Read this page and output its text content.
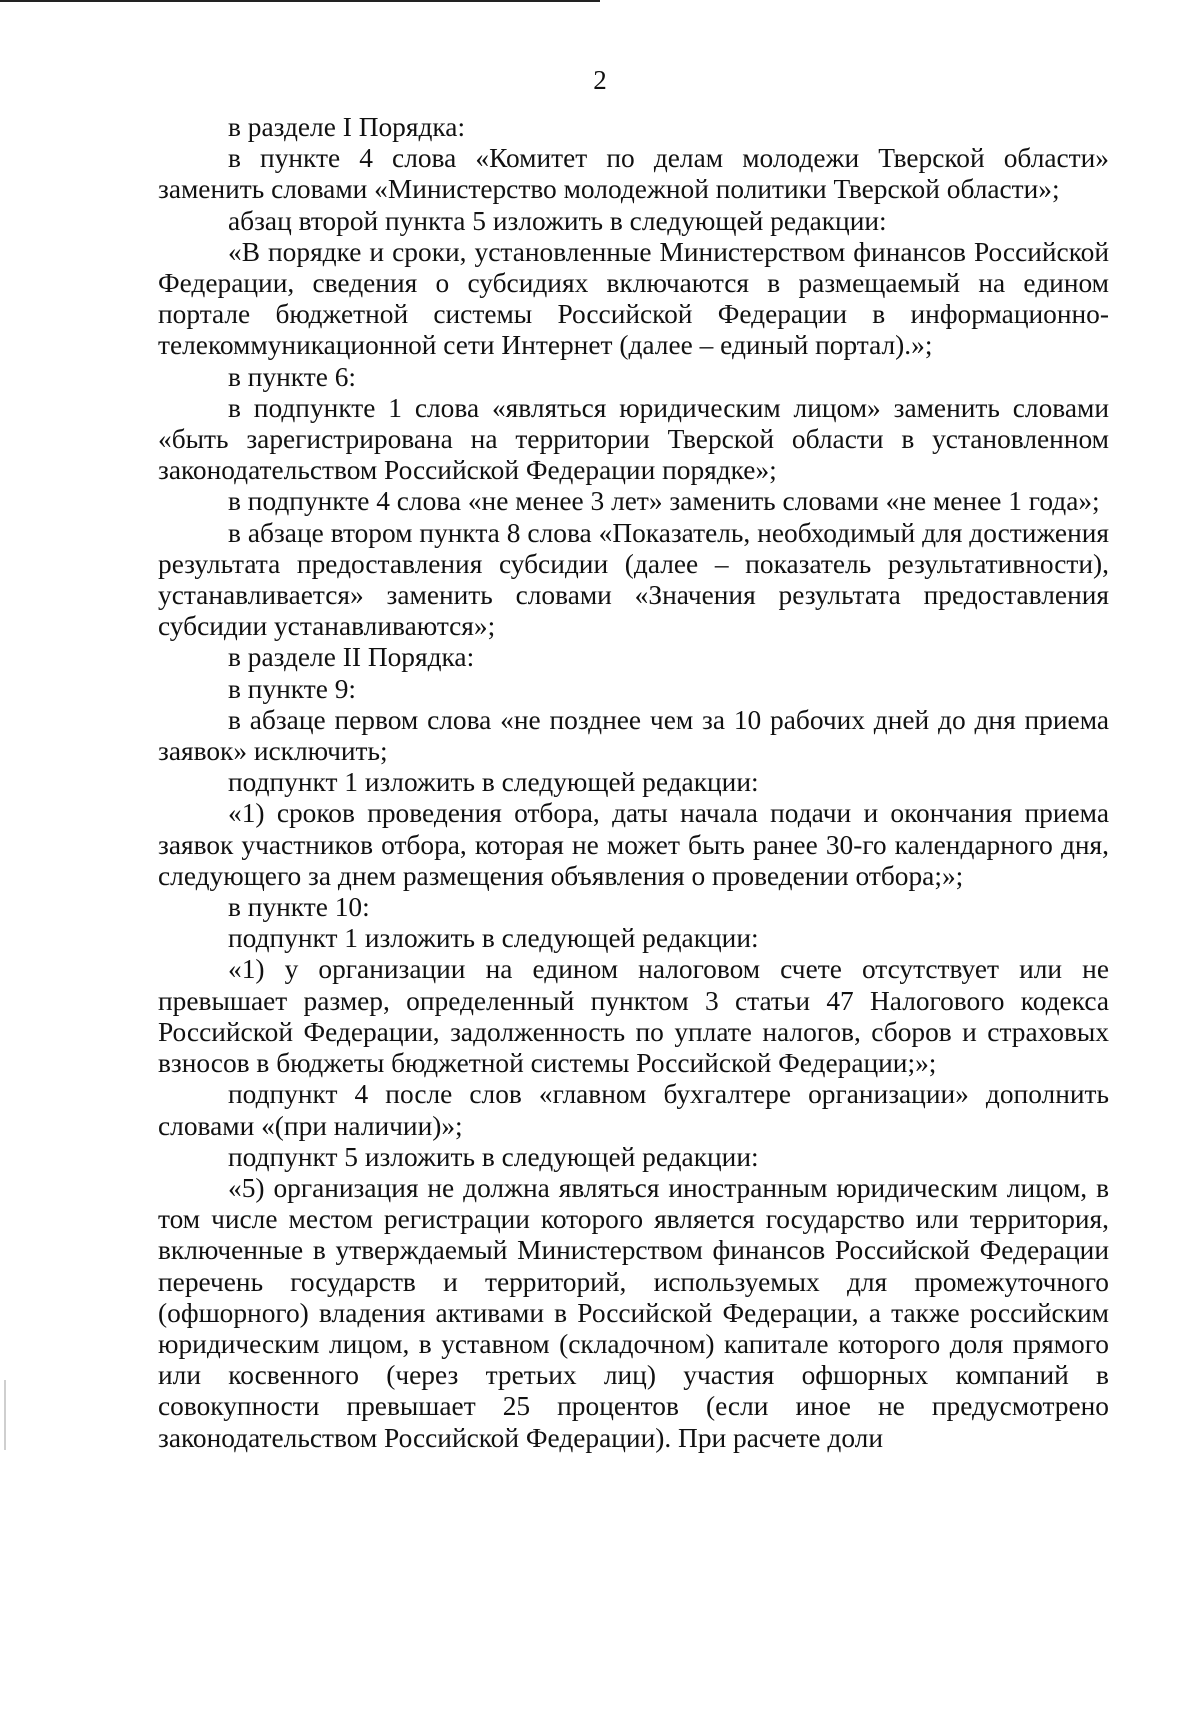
2

в разделе I Порядка:

в пункте 4 слова «Комитет по делам молодежи Тверской области» заменить словами «Министерство молодежной политики Тверской области»;

абзац второй пункта 5 изложить в следующей редакции:

«В порядке и сроки, установленные Министерством финансов Российской Федерации, сведения о субсидиях включаются в размещаемый на едином портале бюджетной системы Российской Федерации в информационно-телекоммуникационной сети Интернет (далее – единый портал).»;

в пункте 6:

в подпункте 1 слова «являться юридическим лицом» заменить словами «быть зарегистрирована на территории Тверской области в установленном законодательством Российской Федерации порядке»;

в подпункте 4 слова «не менее 3 лет» заменить словами «не менее 1 года»;

в абзаце втором пункта 8 слова «Показатель, необходимый для достижения результата предоставления субсидии (далее – показатель результативности), устанавливается» заменить словами «Значения результата предоставления субсидии устанавливаются»;

в разделе II Порядка:

в пункте 9:

в абзаце первом слова «не позднее чем за 10 рабочих дней до дня приема заявок» исключить;

подпункт 1 изложить в следующей редакции:

«1) сроков проведения отбора, даты начала подачи и окончания приема заявок участников отбора, которая не может быть ранее 30-го календарного дня, следующего за днем размещения объявления о проведении отбора;»;

в пункте 10:

подпункт 1 изложить в следующей редакции:

«1) у организации на едином налоговом счете отсутствует или не превышает размер, определенный пунктом 3 статьи 47 Налогового кодекса Российской Федерации, задолженность по уплате налогов, сборов и страховых взносов в бюджеты бюджетной системы Российской Федерации;»;

подпункт 4 после слов «главном бухгалтере организации» дополнить словами «(при наличии)»;

подпункт 5 изложить в следующей редакции:

«5) организация не должна являться иностранным юридическим лицом, в том числе местом регистрации которого является государство или территория, включенные в утверждаемый Министерством финансов Российской Федерации перечень государств и территорий, используемых для промежуточного (офшорного) владения активами в Российской Федерации, а также российским юридическим лицом, в уставном (складочном) капитале которого доля прямого или косвенного (через третьих лиц) участия офшорных компаний в совокупности превышает 25 процентов (если иное не предусмотрено законодательством Российской Федерации). При расчете доли
